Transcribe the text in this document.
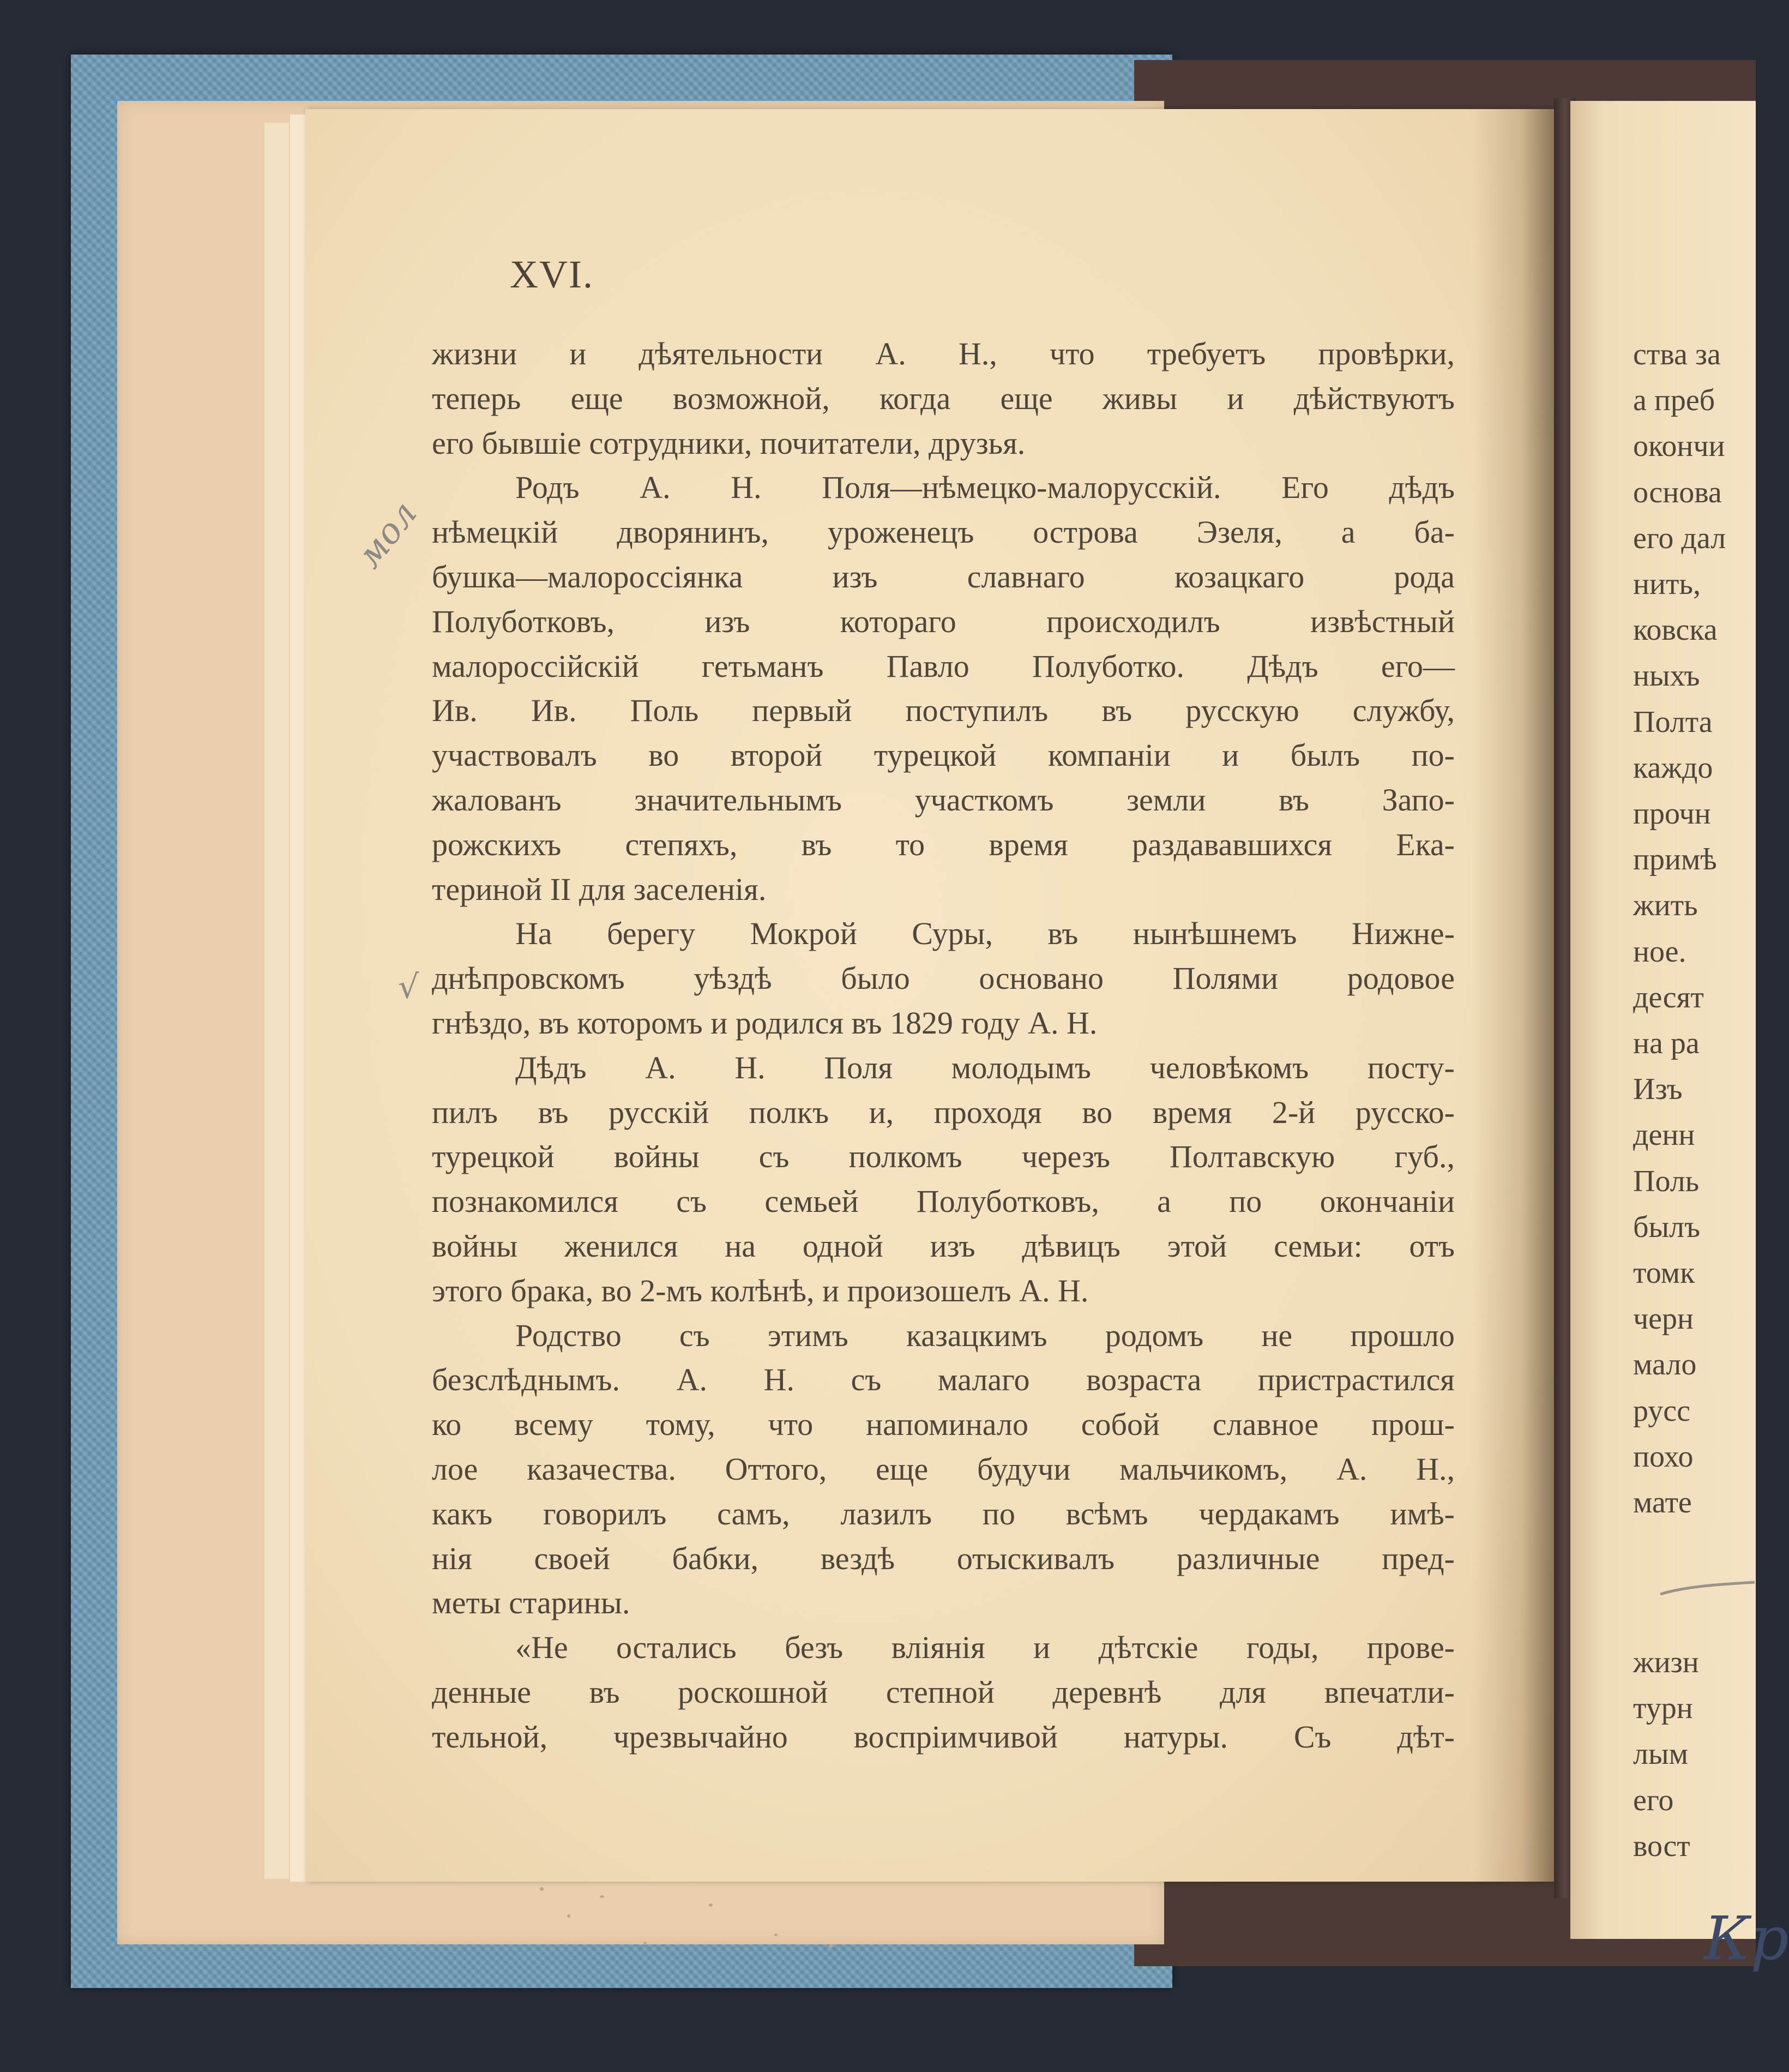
XVI.
жизни и дѣятельности А. Н., что требуетъ провѣрки,
теперь еще возможной, когда еще живы и дѣйствуютъ
его бывшіе сотрудники, почитатели, друзья.
Родъ А. Н. Поля—нѣмецко-малорусскій. Его дѣдъ
нѣмецкій дворянинъ, уроженецъ острова Эзеля, а ба-
бушка—малороссіянка изъ славнаго козацкаго рода
Полуботковъ, изъ котораго происходилъ извѣстный
малороссійскій гетьманъ Павло Полуботко. Дѣдъ его—
Ив. Ив. Поль первый поступилъ въ русскую службу,
участвовалъ во второй турецкой компаніи и былъ по-
жалованъ значительнымъ участкомъ земли въ Запо-
рожскихъ степяхъ, въ то время раздававшихся Ека-
териной II для заселенія.
На берегу Мокрой Суры, въ нынѣшнемъ Нижне-
днѣпровскомъ уѣздѣ было основано Полями родовое
гнѣздо, въ которомъ и родился въ 1829 году А. Н.
Дѣдъ А. Н. Поля молодымъ человѣкомъ посту-
пилъ въ русскій полкъ и, проходя во время 2-й русско-
турецкой войны съ полкомъ черезъ Полтавскую губ.,
познакомился съ семьей Полуботковъ, а по окончаніи
войны женился на одной изъ дѣвицъ этой семьи: отъ
этого брака, во 2-мъ колѣнѣ, и произошелъ А. Н.
Родство съ этимъ казацкимъ родомъ не прошло
безслѣднымъ. А. Н. съ малаго возраста пристрастился
ко всему тому, что напоминало собой славное прош-
лое казачества. Оттого, еще будучи мальчикомъ, А. Н.,
какъ говорилъ самъ, лазилъ по всѣмъ чердакамъ имѣ-
нія своей бабки, вездѣ отыскивалъ различные пред-
меты старины.
«Не остались безъ вліянія и дѣтскіе годы, прове-
денные въ роскошной степной деревнѣ для впечатли-
тельной, чрезвычайно воспріимчивой натуры. Съ дѣт-
ства за
а преб
окончи
основа
его дал
нить,
ковска
ныхъ
Полта
каждо
прочн
примѣ
жить
ное.
десят
на ра
Изъ
денн
Поль
былъ
томк
черн
мало
русс
похо
мате
жизн
турн
лым
его
вост
мол
√
Кр
